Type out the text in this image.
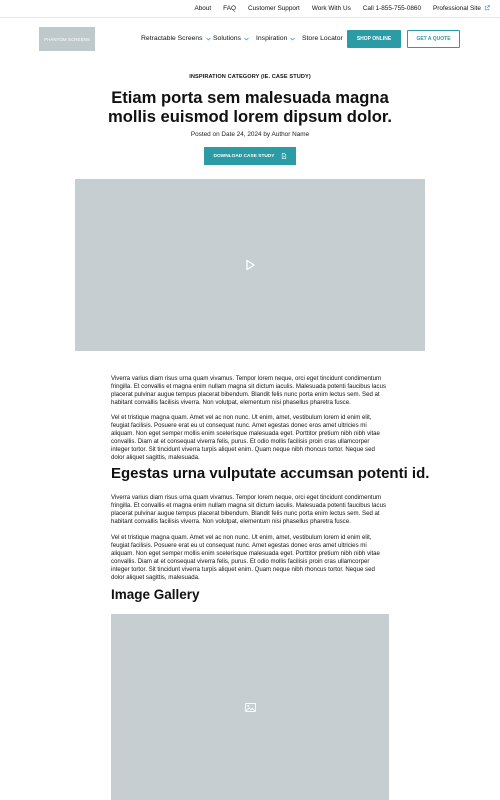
About FAQ Customer Support Work With Us Call 1-855-755-0860 Professional Site
PHANTOM SCREENS	Retractable Screens Solutions Inspiration Store Locator	SHOP ONLINE	GET A QUOTE
INSPIRATION CATEGORY (IE. CASE STUDY)
Etiam porta sem malesuada magna mollis euismod lorem dipsum dolor.
Posted on Date 24, 2024 by Author Name
DOWNLOAD CASE STUDY

Viverra varius diam risus urna quam vivamus. Tempor lorem neque, orci eget tincidunt condimentum fringilla. Et convallis et magna enim nullam magna sit dictum iaculis. Malesuada potenti faucibus lacus placerat pulvinar augue tempus placerat bibendum. Blandit felis nunc porta enim lectus sem. Sed at habitant convallis facilisis viverra. Non volutpat, elementum nisi phasellus pharetra fusce.

Vel et tristique magna quam. Amet vel ac non nunc. Ut enim, amet, vestibulum lorem id enim elit, feugiat facilisis. Posuere erat eu ut consequat nunc. Amet egestas donec eros amet ultricies mi aliquam. Non eget semper mollis enim scelerisque malesuada eget. Porttitor pretium nibh nibh vitae convallis. Diam at et consequat viverra felis, purus. Et odio mollis facilisis proin cras ullamcorper integer tortor. Sit tincidunt viverra turpis aliquet enim. Quam neque nibh rhoncus tortor. Neque sed dolor aliquet sagittis, malesuada.

Egestas urna vulputate accumsan potenti id.

Viverra varius diam risus urna quam vivamus. Tempor lorem neque, orci eget tincidunt condimentum fringilla. Et convallis et magna enim nullam magna sit dictum iaculis. Malesuada potenti faucibus lacus placerat pulvinar augue tempus placerat bibendum. Blandit felis nunc porta enim lectus sem. Sed at habitant convallis facilisis viverra. Non volutpat, elementum nisi phasellus pharetra fusce.

Vel et tristique magna quam. Amet vel ac non nunc. Ut enim, amet, vestibulum lorem id enim elit, feugiat facilisis. Posuere erat eu ut consequat nunc. Amet egestas donec eros amet ultricies mi aliquam. Non eget semper mollis enim scelerisque malesuada eget. Porttitor pretium nibh nibh vitae convallis. Diam at et consequat viverra felis, purus. Et odio mollis facilisis proin cras ullamcorper integer tortor. Sit tincidunt viverra turpis aliquet enim. Quam neque nibh rhoncus tortor. Neque sed dolor aliquet sagittis, malesuada.

Image Gallery
